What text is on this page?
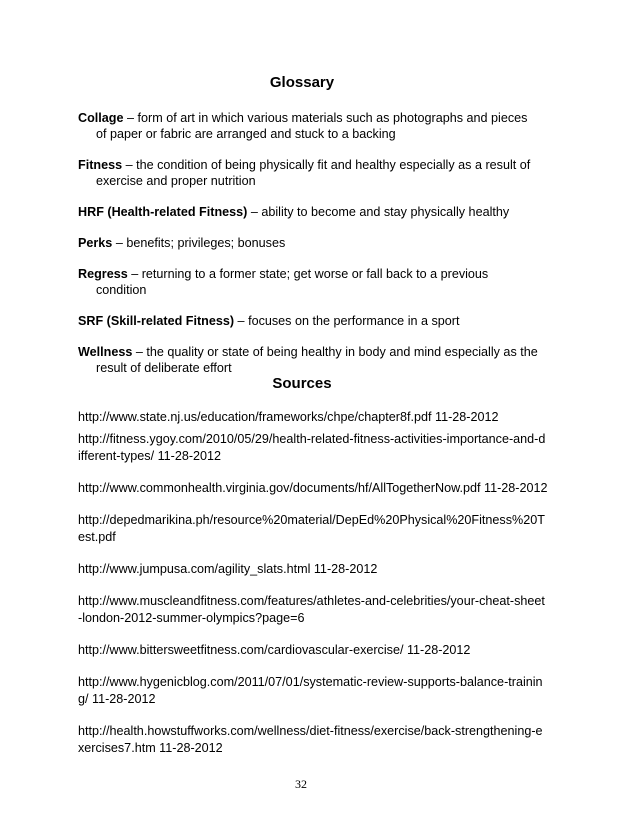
Glossary
Collage – form of art in which various materials such as photographs and pieces of paper or fabric are arranged and stuck to a backing
Fitness – the condition of being physically fit and healthy especially as a result of exercise and proper nutrition
HRF (Health-related Fitness) – ability to become and stay physically healthy
Perks – benefits; privileges; bonuses
Regress – returning to a former state; get worse or fall back to a previous condition
SRF (Skill-related Fitness) – focuses on the performance in a sport
Wellness – the quality or state of being healthy in body and mind especially as the result of deliberate effort
Sources
http://www.state.nj.us/education/frameworks/chpe/chapter8f.pdf 11-28-2012
http://fitness.ygoy.com/2010/05/29/health-related-fitness-activities-importance-and-different-types/ 11-28-2012
http://www.commonhealth.virginia.gov/documents/hf/AllTogetherNow.pdf 11-28-2012
http://depedmarikina.ph/resource%20material/DepEd%20Physical%20Fitness%20Test.pdf
http://www.jumpusa.com/agility_slats.html 11-28-2012
http://www.muscleandfitness.com/features/athletes-and-celebrities/your-cheat-sheet-london-2012-summer-olympics?page=6
http://www.bittersweetfitness.com/cardiovascular-exercise/ 11-28-2012
http://www.hygenicblog.com/2011/07/01/systematic-review-supports-balance-training/ 11-28-2012
http://health.howstuffworks.com/wellness/diet-fitness/exercise/back-strengthening-exercises7.htm 11-28-2012
32
